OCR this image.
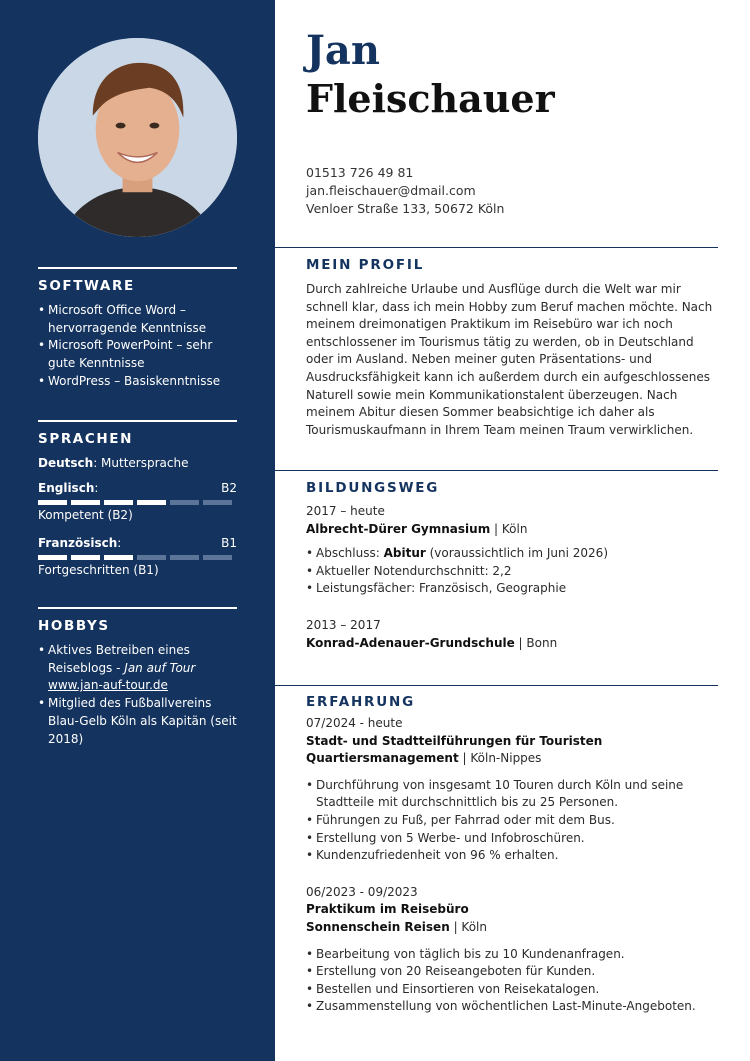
SOFTWARE
• Microsoft Office Word – hervorragende Kenntnisse
• Microsoft PowerPoint – sehr gute Kenntnisse
• WordPress – Basiskenntnisse
SPRACHEN
Deutsch: Muttersprache
Englisch:	B2
Kompetent (B2)
Französisch:	B1
Fortgeschritten (B1)
HOBBYS
• Aktives Betreiben eines Reiseblogs - Jan auf Tour
www.jan-auf-tour.de
• Mitglied des Fußballvereins Blau-Gelb Köln als Kapitän (seit 2018)
Jan
Fleischauer
01513 726 49 81
jan.fleischauer@dmail.com
Venloer Straße 133, 50672 Köln
MEIN PROFIL
Durch zahlreiche Urlaube und Ausflüge durch die Welt war mir schnell klar, dass ich mein Hobby zum Beruf machen möchte. Nach meinem dreimonatigen Praktikum im Reisebüro war ich noch entschlossener im Tourismus tätig zu werden, ob in Deutschland oder im Ausland. Neben meiner guten Präsentations- und Ausdrucksfähigkeit kann ich außerdem durch ein aufgeschlossenes Naturell sowie mein Kommunikationstalent überzeugen. Nach meinem Abitur diesen Sommer beabsichtige ich daher als Tourismuskaufmann in Ihrem Team meinen Traum verwirklichen.
BILDUNGSWEG
2017 – heute
Albrecht-Dürer Gymnasium | Köln
• Abschluss: Abitur (voraussichtlich im Juni 2026)
• Aktueller Notendurchschnitt: 2,2
• Leistungsfächer: Französisch, Geographie
2013 – 2017
Konrad-Adenauer-Grundschule | Bonn
ERFAHRUNG
07/2024 - heute
Stadt- und Stadtteilführungen für Touristen
Quartiersmanagement | Köln-Nippes
• Durchführung von insgesamt 10 Touren durch Köln und seine Stadtteile mit durchschnittlich bis zu 25 Personen.
• Führungen zu Fuß, per Fahrrad oder mit dem Bus.
• Erstellung von 5 Werbe- und Infobroschüren.
• Kundenzufriedenheit von 96 % erhalten.
06/2023 - 09/2023
Praktikum im Reisebüro
Sonnenschein Reisen | Köln
• Bearbeitung von täglich bis zu 10 Kundenanfragen.
• Erstellung von 20 Reiseangeboten für Kunden.
• Bestellen und Einsortieren von Reisekatalogen.
• Zusammenstellung von wöchentlichen Last-Minute-Angeboten.
